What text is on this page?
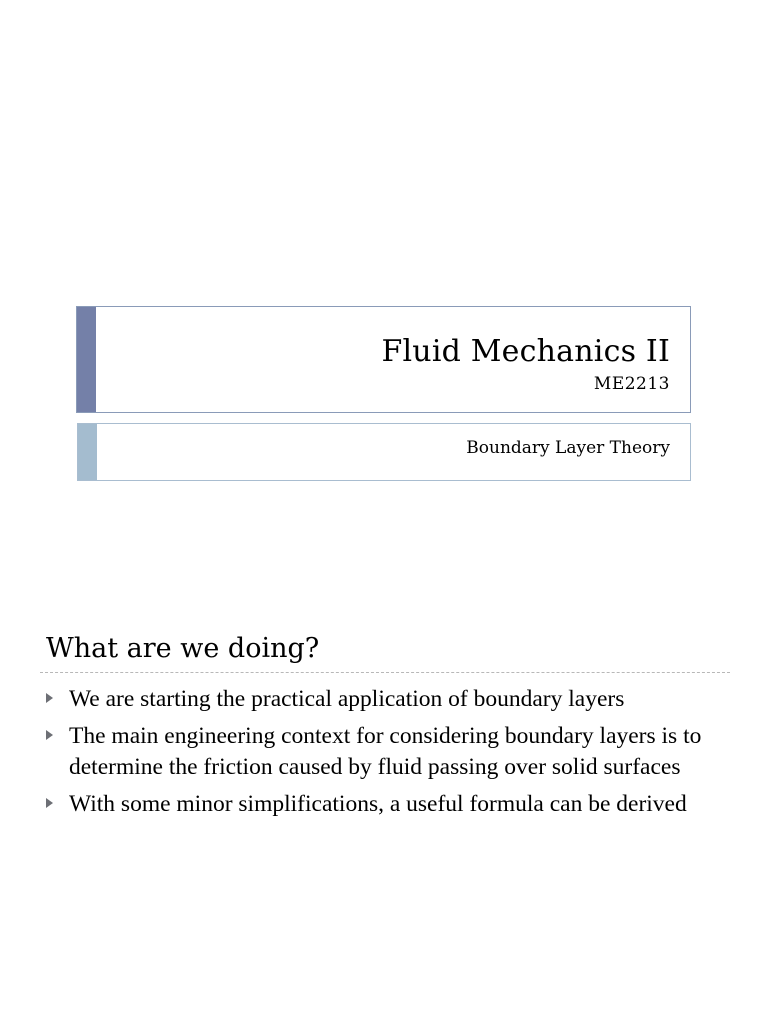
Fluid Mechanics II
ME2213
Boundary Layer Theory
What are we doing?
We are starting the practical application of boundary layers
The main engineering context for considering boundary layers is to determine the friction caused by fluid passing over solid surfaces
With some minor simplifications, a useful formula can be derived
